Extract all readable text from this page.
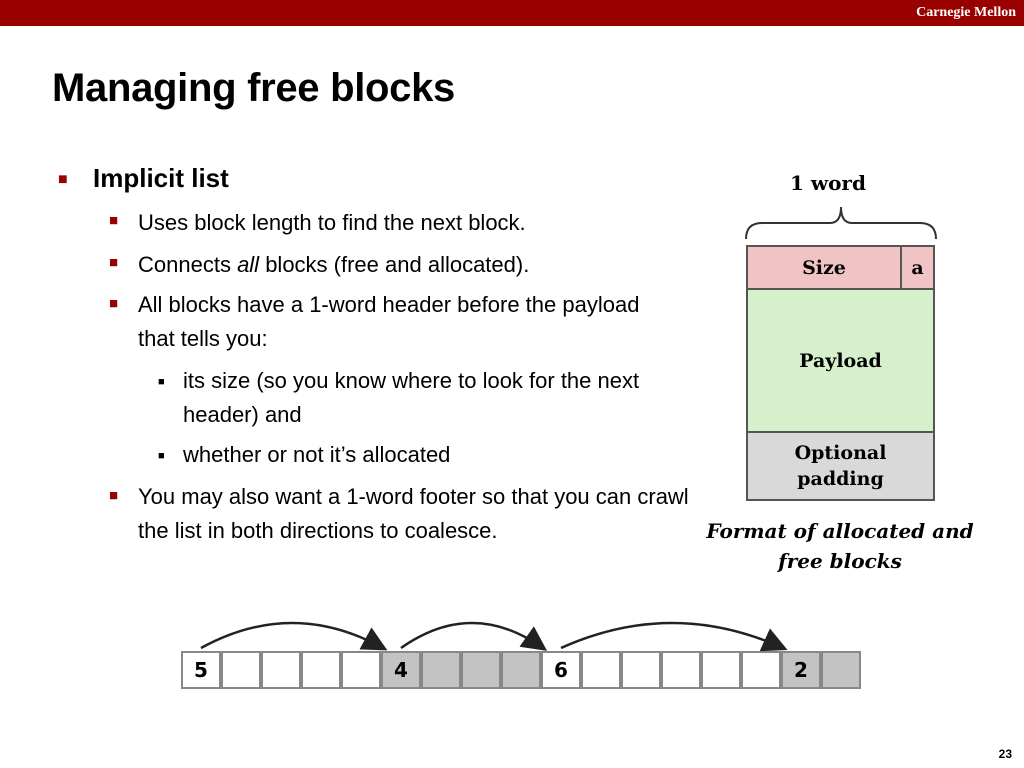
Carnegie Mellon
Managing free blocks
■ Implicit list
■ Uses block length to find the next block.
■ Connects all blocks (free and allocated).
■ All blocks have a 1-word header before the payload that tells you:
■ its size (so you know where to look for the next header) and
■ whether or not it’s allocated
■ You may also want a 1-word footer so that you can crawl the list in both directions to coalesce.
1 word
Size	a
Payload
Optional padding
Format of allocated and free blocks
5	4	6	2
23
